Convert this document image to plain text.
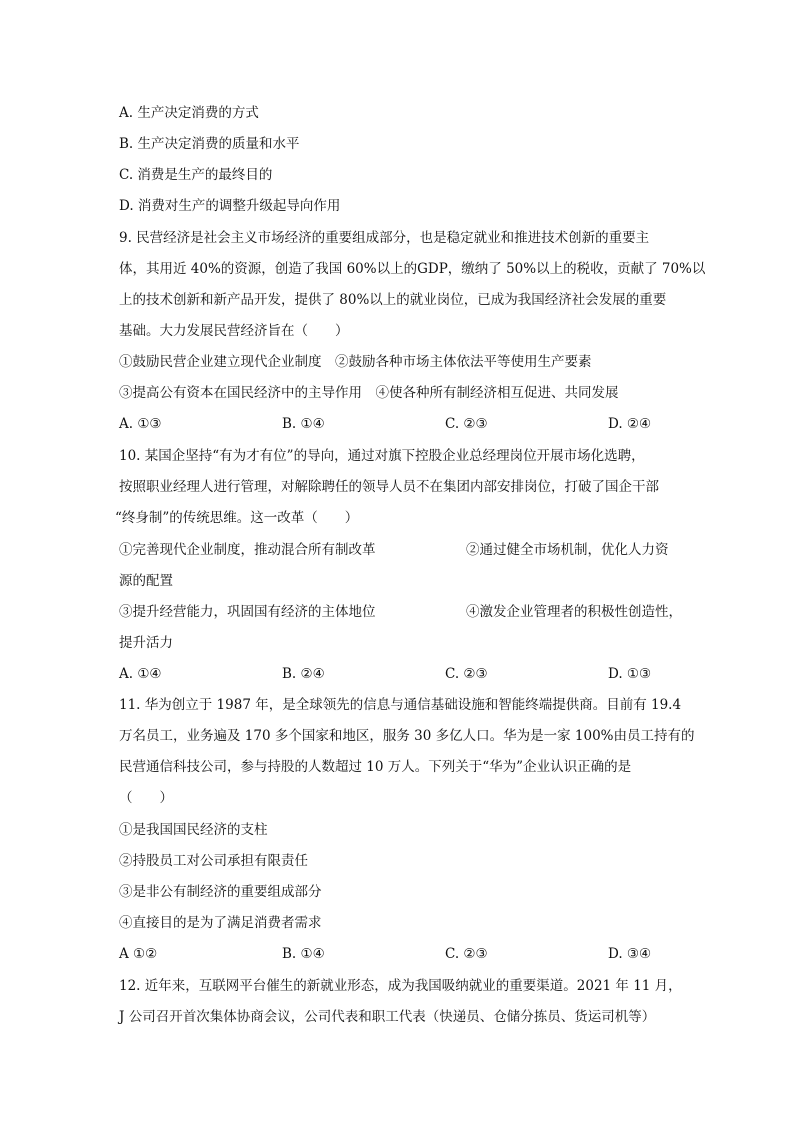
A. 生产决定消费的方式
B. 生产决定消费的质量和水平
C. 消费是生产的最终目的
D. 消费对生产的调整升级起导向作用
9. 民营经济是社会主义市场经济的重要组成部分，也是稳定就业和推进技术创新的重要主
体，其用近 40%的资源，创造了我国 60%以上的GDP，缴纳了 50%以上的税收，贡献了 70%以
上的技术创新和新产品开发，提供了 80%以上的就业岗位，已成为我国经济社会发展的重要
基础。大力发展民营经济旨在（　　）
①鼓励民营企业建立现代企业制度　②鼓励各种市场主体依法平等使用生产要素
③提高公有资本在国民经济中的主导作用　④使各种所有制经济相互促进、共同发展
A. ①③	B. ①④	C. ②③	D. ②④
10. 某国企坚持“有为才有位”的导向，通过对旗下控股企业总经理岗位开展市场化选聘，
按照职业经理人进行管理，对解除聘任的领导人员不在集团内部安排岗位，打破了国企干部
“终身制”的传统思维。这一改革（　　）
①完善现代企业制度，推动混合所有制改革	②通过健全市场机制，优化人力资
源的配置
③提升经营能力，巩固国有经济的主体地位	④激发企业管理者的积极性创造性，
提升活力
A. ①④	B. ②④	C. ②③	D. ①③
11. 华为创立于 1987 年，是全球领先的信息与通信基础设施和智能终端提供商。目前有 19.4
万名员工，业务遍及 170 多个国家和地区，服务 30 多亿人口。华为是一家 100%由员工持有的
民营通信科技公司，参与持股的人数超过 10 万人。下列关于“华为”企业认识正确的是
（　　）
①是我国国民经济的支柱
②持股员工对公司承担有限责任
③是非公有制经济的重要组成部分
④直接目的是为了满足消费者需求
A ①②	B. ①④	C. ②③	D. ③④
12. 近年来，互联网平台催生的新就业形态，成为我国吸纳就业的重要渠道。2021 年 11 月，
J 公司召开首次集体协商会议，公司代表和职工代表（快递员、仓储分拣员、货运司机等）
